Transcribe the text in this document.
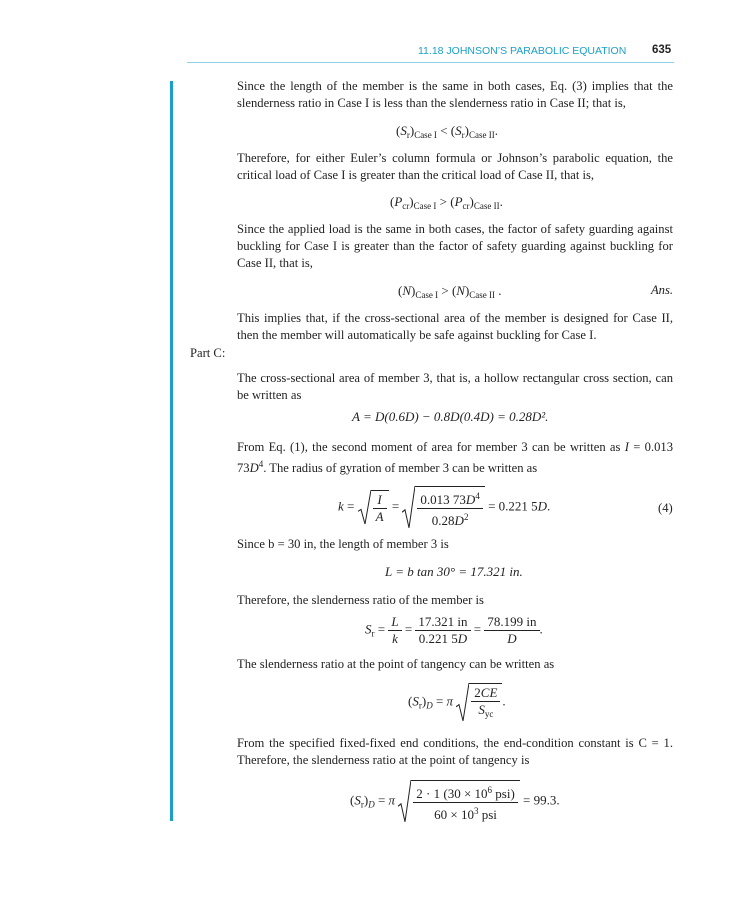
11.18 JOHNSON’S PARABOLIC EQUATION 635

Since the length of the member is the same in both cases, Eq. (3) implies that the slenderness ratio in Case I is less than the slenderness ratio in Case II; that is,

$(S_r)_{Case I} < (S_r)_{Case II}$.

Therefore, for either Euler’s column formula or Johnson’s parabolic equation, the critical load of Case I is greater than the critical load of Case II, that is,

$(P_{cr})_{Case I} > (P_{cr})_{Case II}$.

Since the applied load is the same in both cases, the factor of safety guarding against buckling for Case I is greater than the factor of safety guarding against buckling for Case II, that is,

$(N)_{Case I} > (N)_{Case II}$ .	Ans.

This implies that, if the cross-sectional area of the member is designed for Case II, then the member will automatically be safe against buckling for Case I.

Part C:

The cross-sectional area of member 3, that is, a hollow rectangular cross section, can be written as

A = D(0.6D) − 0.8D(0.4D) = 0.28D².

From Eq. (1), the second moment of area for member 3 can be written as I = 0.013 $73D^4$. The radius of gyration of member 3 can be written as

$k = \frac{I}{A} = \frac{0.013 73D^4}{0.28D^2} = 0.221$ 5D.	(4)

Since b = 30 in, the length of member 3 is

L = b tan 30° = 17.321 in.

Therefore, the slenderness ratio of the member is

$S_r = \frac{L}{k} = \frac{17.321 in}{0.221 5D} = \frac{78.199 in}{D}$ .

The slenderness ratio at the point of tangency can be written as

$(S_r)_D = \pi \frac{2CE}{S_{yc}}$ .

From the specified fixed-fixed end conditions, the end-condition constant is C = 1. Therefore, the slenderness ratio at the point of tangency is

$(S_r)_D = \pi \frac{2 \cdot 1 (30 \times 10^6 psi)}{60 \times 10^3 psi} = 99.3$.
